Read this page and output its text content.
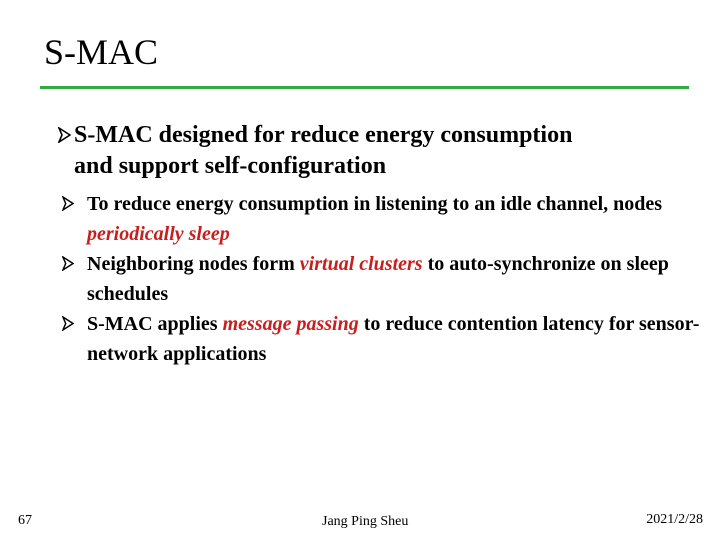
S-MAC
S-MAC designed for reduce energy consumption
and support self-configuration

To reduce energy consumption in listening to an idle channel, nodes periodically sleep

Neighboring nodes form virtual clusters to auto-synchronize on sleep schedules

S-MAC applies message passing to reduce contention latency for sensor-network applications

67	Jang Ping Sheu	2021/2/28
